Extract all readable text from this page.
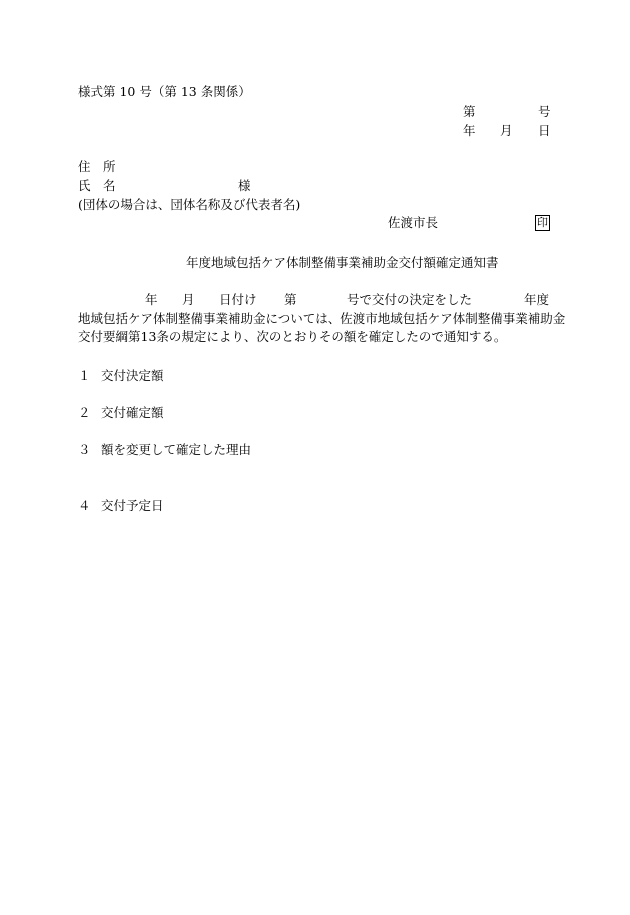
様式第 10 号（第 13 条関係）
第	号
年 月 日
住　所
氏　名	様
(団体の場合は、団体名称及び代表者名)
佐渡市長	印
年度地域包括ケア体制整備事業補助金交付額確定通知書
年 月 日付け 第	号で交付の決定をした	年度
地域包括ケア体制整備事業補助金については、佐渡市地域包括ケア体制整備事業補助金
交付要綱第13条の規定により、次のとおりその額を確定したので通知する。
１ 交付決定額
２ 交付確定額
３ 額を変更して確定した理由
４ 交付予定日
